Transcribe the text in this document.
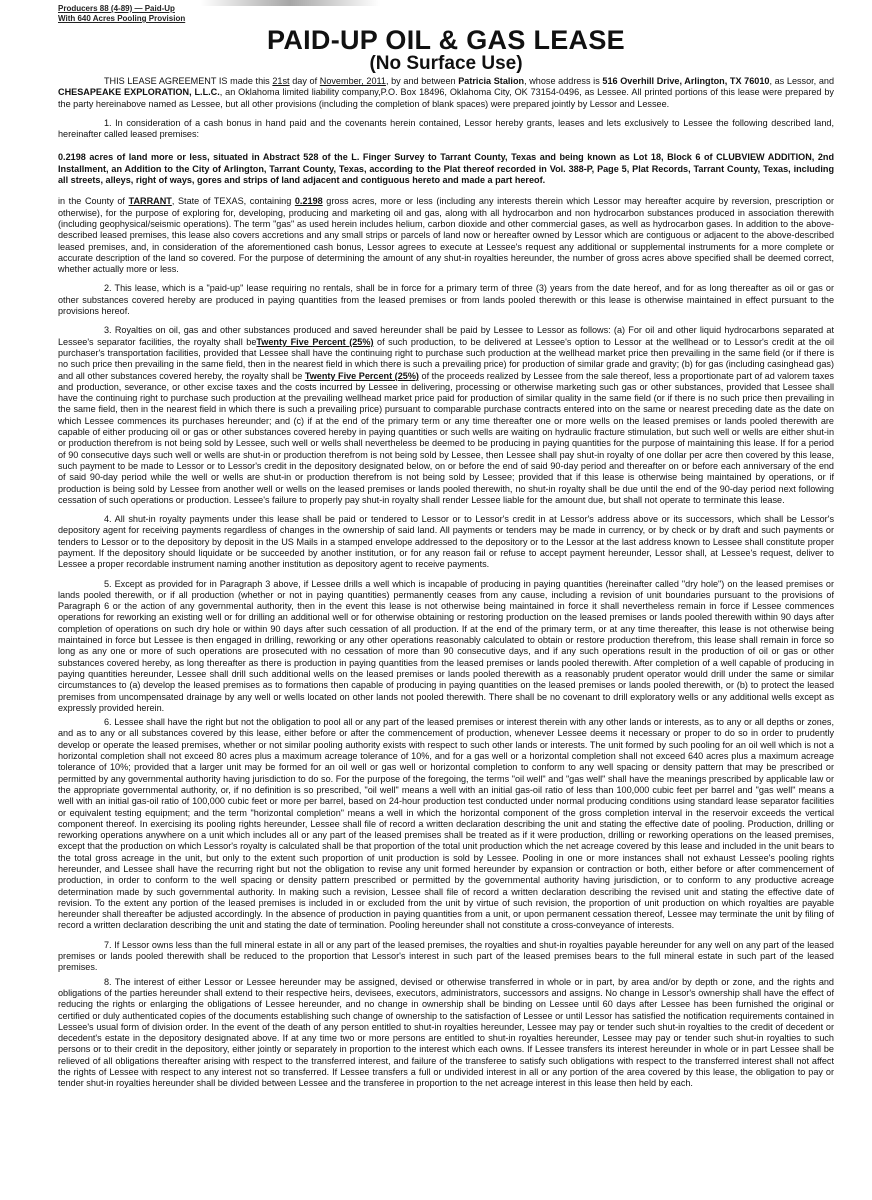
Producers 88 (4-89) — Paid-Up
With 640 Acres Pooling Provision
PAID-UP OIL & GAS LEASE
(No Surface Use)

THIS LEASE AGREEMENT IS made this 21st day of November, 2011, by and between Patricia Stalion, whose address is 516 Overhill Drive, Arlington, TX 76010, as Lessor, and CHESAPEAKE EXPLORATION, L.L.C., an Oklahoma limited liability company,P.O. Box 18496, Oklahoma City, OK 73154-0496, as Lessee. All printed portions of this lease were prepared by the party hereinabove named as Lessee, but all other provisions (including the completion of blank spaces) were prepared jointly by Lessor and Lessee.

1. In consideration of a cash bonus in hand paid and the covenants herein contained, Lessor hereby grants, leases and lets exclusively to Lessee the following described land, hereinafter called leased premises:

0.2198 acres of land more or less, situated in Abstract 528 of the L. Finger Survey to Tarrant County, Texas and being known as Lot 18, Block 6 of CLUBVIEW ADDITION, 2nd Installment, an Addition to the City of Arlington, Tarrant County, Texas, according to the Plat thereof recorded in Vol. 388-P, Page 5, Plat Records, Tarrant County, Texas, including all streets, alleys, right of ways, gores and strips of land adjacent and contiguous hereto and made a part hereof.

in the County of TARRANT, State of TEXAS, containing 0.2198 gross acres, more or less (including any interests therein which Lessor may hereafter acquire by reversion, prescription or otherwise), for the purpose of exploring for, developing, producing and marketing oil and gas, along with all hydrocarbon and non hydrocarbon substances produced in association therewith (including geophysical/seismic operations). The term "gas" as used herein includes helium, carbon dioxide and other commercial gases, as well as hydrocarbon gases. In addition to the above-described leased premises, this lease also covers accretions and any small strips or parcels of land now or hereafter owned by Lessor which are contiguous or adjacent to the above-described leased premises, and, in consideration of the aforementioned cash bonus, Lessor agrees to execute at Lessee's request any additional or supplemental instruments for a more complete or accurate description of the land so covered. For the purpose of determining the amount of any shut-in royalties hereunder, the number of gross acres above specified shall be deemed correct, whether actually more or less.

2. This lease, which is a "paid-up" lease requiring no rentals, shall be in force for a primary term of three (3) years from the date hereof, and for as long thereafter as oil or gas or other substances covered hereby are produced in paying quantities from the leased premises or from lands pooled therewith or this lease is otherwise maintained in effect pursuant to the provisions hereof.

3. Royalties on oil, gas and other substances produced and saved hereunder shall be paid by Lessee to Lessor as follows: (a) For oil and other liquid hydrocarbons separated at Lessee's separator facilities, the royalty shall beTwenty Five Percent (25%) of such production, to be delivered at Lessee's option to Lessor at the wellhead or to Lessor's credit at the oil purchaser's transportation facilities, provided that Lessee shall have the continuing right to purchase such production at the wellhead market price then prevailing in the same field (or if there is no such price then prevailing in the same field, then in the nearest field in which there is such a prevailing price) for production of similar grade and gravity; (b) for gas (including casinghead gas) and all other substances covered hereby, the royalty shall be Twenty Five Percent (25%) of the proceeds realized by Lessee from the sale thereof, less a proportionate part of ad valorem taxes and production, severance, or other excise taxes and the costs incurred by Lessee in delivering, processing or otherwise marketing such gas or other substances, provided that Lessee shall have the continuing right to purchase such production at the prevailing wellhead market price paid for production of similar quality in the same field (or if there is no such price then prevailing in the same field, then in the nearest field in which there is such a prevailing price) pursuant to comparable purchase contracts entered into on the same or nearest preceding date as the date on which Lessee commences its purchases hereunder; and (c) if at the end of the primary term or any time thereafter one or more wells on the leased premises or lands pooled therewith are capable of either producing oil or gas or other substances covered hereby in paying quantities or such wells are waiting on hydraulic fracture stimulation, but such well or wells are either shut-in or production therefrom is not being sold by Lessee, such well or wells shall nevertheless be deemed to be producing in paying quantities for the purpose of maintaining this lease. If for a period of 90 consecutive days such well or wells are shut-in or production therefrom is not being sold by Lessee, then Lessee shall pay shut-in royalty of one dollar per acre then covered by this lease, such payment to be made to Lessor or to Lessor's credit in the depository designated below, on or before the end of said 90-day period and thereafter on or before each anniversary of the end of said 90-day period while the well or wells are shut-in or production therefrom is not being sold by Lessee; provided that if this lease is otherwise being maintained by operations, or if production is being sold by Lessee from another well or wells on the leased premises or lands pooled therewith, no shut-in royalty shall be due until the end of the 90-day period next following cessation of such operations or production. Lessee's failure to properly pay shut-in royalty shall render Lessee liable for the amount due, but shall not operate to terminate this lease.

4. All shut-in royalty payments under this lease shall be paid or tendered to Lessor or to Lessor's credit in at Lessor's address above or its successors, which shall be Lessor's depository agent for receiving payments regardless of changes in the ownership of said land. All payments or tenders may be made in currency, or by check or by draft and such payments or tenders to Lessor or to the depository by deposit in the US Mails in a stamped envelope addressed to the depository or to the Lessor at the last address known to Lessee shall constitute proper payment. If the depository should liquidate or be succeeded by another institution, or for any reason fail or refuse to accept payment hereunder, Lessor shall, at Lessee's request, deliver to Lessee a proper recordable instrument naming another institution as depository agent to receive payments.

5. Except as provided for in Paragraph 3 above, if Lessee drills a well which is incapable of producing in paying quantities (hereinafter called "dry hole") on the leased premises or lands pooled therewith, or if all production (whether or not in paying quantities) permanently ceases from any cause, including a revision of unit boundaries pursuant to the provisions of Paragraph 6 or the action of any governmental authority, then in the event this lease is not otherwise being maintained in force it shall nevertheless remain in force if Lessee commences operations for reworking an existing well or for drilling an additional well or for otherwise obtaining or restoring production on the leased premises or lands pooled therewith within 90 days after completion of operations on such dry hole or within 90 days after such cessation of all production. If at the end of the primary term, or at any time thereafter, this lease is not otherwise being maintained in force but Lessee is then engaged in drilling, reworking or any other operations reasonably calculated to obtain or restore production therefrom, this lease shall remain in force so long as any one or more of such operations are prosecuted with no cessation of more than 90 consecutive days, and if any such operations result in the production of oil or gas or other substances covered hereby, as long thereafter as there is production in paying quantities from the leased premises or lands pooled therewith. After completion of a well capable of producing in paying quantities hereunder, Lessee shall drill such additional wells on the leased premises or lands pooled therewith as a reasonably prudent operator would drill under the same or similar circumstances to (a) develop the leased premises as to formations then capable of producing in paying quantities on the leased premises or lands pooled therewith, or (b) to protect the leased premises from uncompensated drainage by any well or wells located on other lands not pooled therewith. There shall be no covenant to drill exploratory wells or any additional wells except as expressly provided herein.

6. Lessee shall have the right but not the obligation to pool all or any part of the leased premises or interest therein with any other lands or interests, as to any or all depths or zones, and as to any or all substances covered by this lease, either before or after the commencement of production, whenever Lessee deems it necessary or proper to do so in order to prudently develop or operate the leased premises, whether or not similar pooling authority exists with respect to such other lands or interests. The unit formed by such pooling for an oil well which is not a horizontal completion shall not exceed 80 acres plus a maximum acreage tolerance of 10%, and for a gas well or a horizontal completion shall not exceed 640 acres plus a maximum acreage tolerance of 10%; provided that a larger unit may be formed for an oil well or gas well or horizontal completion to conform to any well spacing or density pattern that may be prescribed or permitted by any governmental authority having jurisdiction to do so. For the purpose of the foregoing, the terms "oil well" and "gas well" shall have the meanings prescribed by applicable law or the appropriate governmental authority, or, if no definition is so prescribed, "oil well" means a well with an initial gas-oil ratio of less than 100,000 cubic feet per barrel and "gas well" means a well with an initial gas-oil ratio of 100,000 cubic feet or more per barrel, based on 24-hour production test conducted under normal producing conditions using standard lease separator facilities or equivalent testing equipment; and the term "horizontal completion" means a well in which the horizontal component of the gross completion interval in the reservoir exceeds the vertical component thereof. In exercising its pooling rights hereunder, Lessee shall file of record a written declaration describing the unit and stating the effective date of pooling. Production, drilling or reworking operations anywhere on a unit which includes all or any part of the leased premises shall be treated as if it were production, drilling or reworking operations on the leased premises, except that the production on which Lessor's royalty is calculated shall be that proportion of the total unit production which the net acreage covered by this lease and included in the unit bears to the total gross acreage in the unit, but only to the extent such proportion of unit production is sold by Lessee. Pooling in one or more instances shall not exhaust Lessee's pooling rights hereunder, and Lessee shall have the recurring right but not the obligation to revise any unit formed hereunder by expansion or contraction or both, either before or after commencement of production, in order to conform to the well spacing or density pattern prescribed or permitted by the governmental authority having jurisdiction, or to conform to any productive acreage determination made by such governmental authority. In making such a revision, Lessee shall file of record a written declaration describing the revised unit and stating the effective date of revision. To the extent any portion of the leased premises is included in or excluded from the unit by virtue of such revision, the proportion of unit production on which royalties are payable hereunder shall thereafter be adjusted accordingly. In the absence of production in paying quantities from a unit, or upon permanent cessation thereof, Lessee may terminate the unit by filing of record a written declaration describing the unit and stating the date of termination. Pooling hereunder shall not constitute a cross-conveyance of interests.

7. If Lessor owns less than the full mineral estate in all or any part of the leased premises, the royalties and shut-in royalties payable hereunder for any well on any part of the leased premises or lands pooled therewith shall be reduced to the proportion that Lessor's interest in such part of the leased premises bears to the full mineral estate in such part of the leased premises.

8. The interest of either Lessor or Lessee hereunder may be assigned, devised or otherwise transferred in whole or in part, by area and/or by depth or zone, and the rights and obligations of the parties hereunder shall extend to their respective heirs, devisees, executors, administrators, successors and assigns. No change in Lessor's ownership shall have the effect of reducing the rights or enlarging the obligations of Lessee hereunder, and no change in ownership shall be binding on Lessee until 60 days after Lessee has been furnished the original or certified or duly authenticated copies of the documents establishing such change of ownership to the satisfaction of Lessee or until Lessor has satisfied the notification requirements contained in Lessee's usual form of division order. In the event of the death of any person entitled to shut-in royalties hereunder, Lessee may pay or tender such shut-in royalties to the credit of decedent or decedent's estate in the depository designated above. If at any time two or more persons are entitled to shut-in royalties hereunder, Lessee may pay or tender such shut-in royalties to such persons or to their credit in the depository, either jointly or separately in proportion to the interest which each owns. If Lessee transfers its interest hereunder in whole or in part Lessee shall be relieved of all obligations thereafter arising with respect to the transferred interest, and failure of the transferee to satisfy such obligations with respect to the transferred interest shall not affect the rights of Lessee with respect to any interest not so transferred. If Lessee transfers a full or undivided interest in all or any portion of the area covered by this lease, the obligation to pay or tender shut-in royalties hereunder shall be divided between Lessee and the transferee in proportion to the net acreage interest in this lease then held by each.
